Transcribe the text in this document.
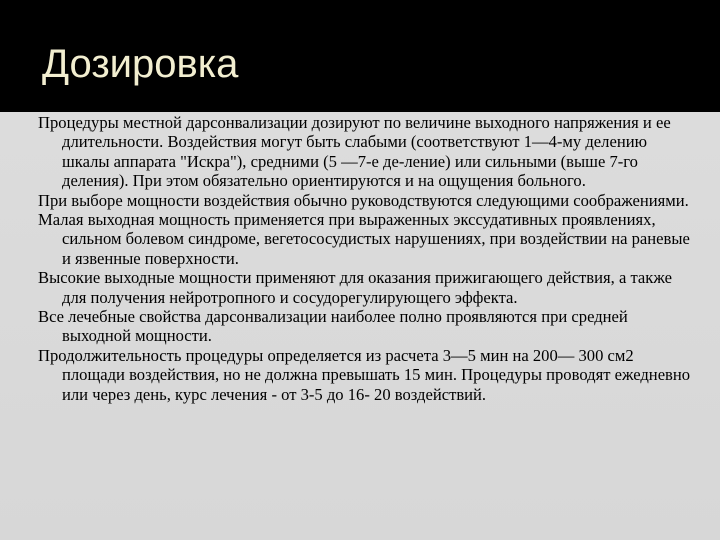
Дозировка
Процедуры местной дарсонвализации дозируют по величине выходного напряжения и ее длительности. Воздействия могут быть слабыми (соответствуют 1—4-му делению шкалы аппарата "Искра"), средними (5 —7-е де-ление) или сильными (выше 7-го деления). При этом обязательно ориентируются и на ощущения больного.
При выборе мощности воздействия обычно руководствуются следующими соображениями.
Малая выходная мощность применяется при выраженных экссудативных проявлениях, сильном болевом синдроме, вегетососудистых нарушениях, при воздействии на раневые и язвенные поверхности.
Высокие выходные мощности применяют для оказания прижигающего действия, а также для получения нейротропного и сосудорегулирующего эффекта.
Все лечебные свойства дарсонвализации наиболее полно проявляются при средней выходной мощности.
Продолжительность процедуры определяется из расчета 3—5 мин на 200— 300 см2 площади воздействия, но не должна превышать 15 мин. Процедуры проводят ежедневно или через день, курс лечения - от 3-5 до 16- 20 воздействий.
